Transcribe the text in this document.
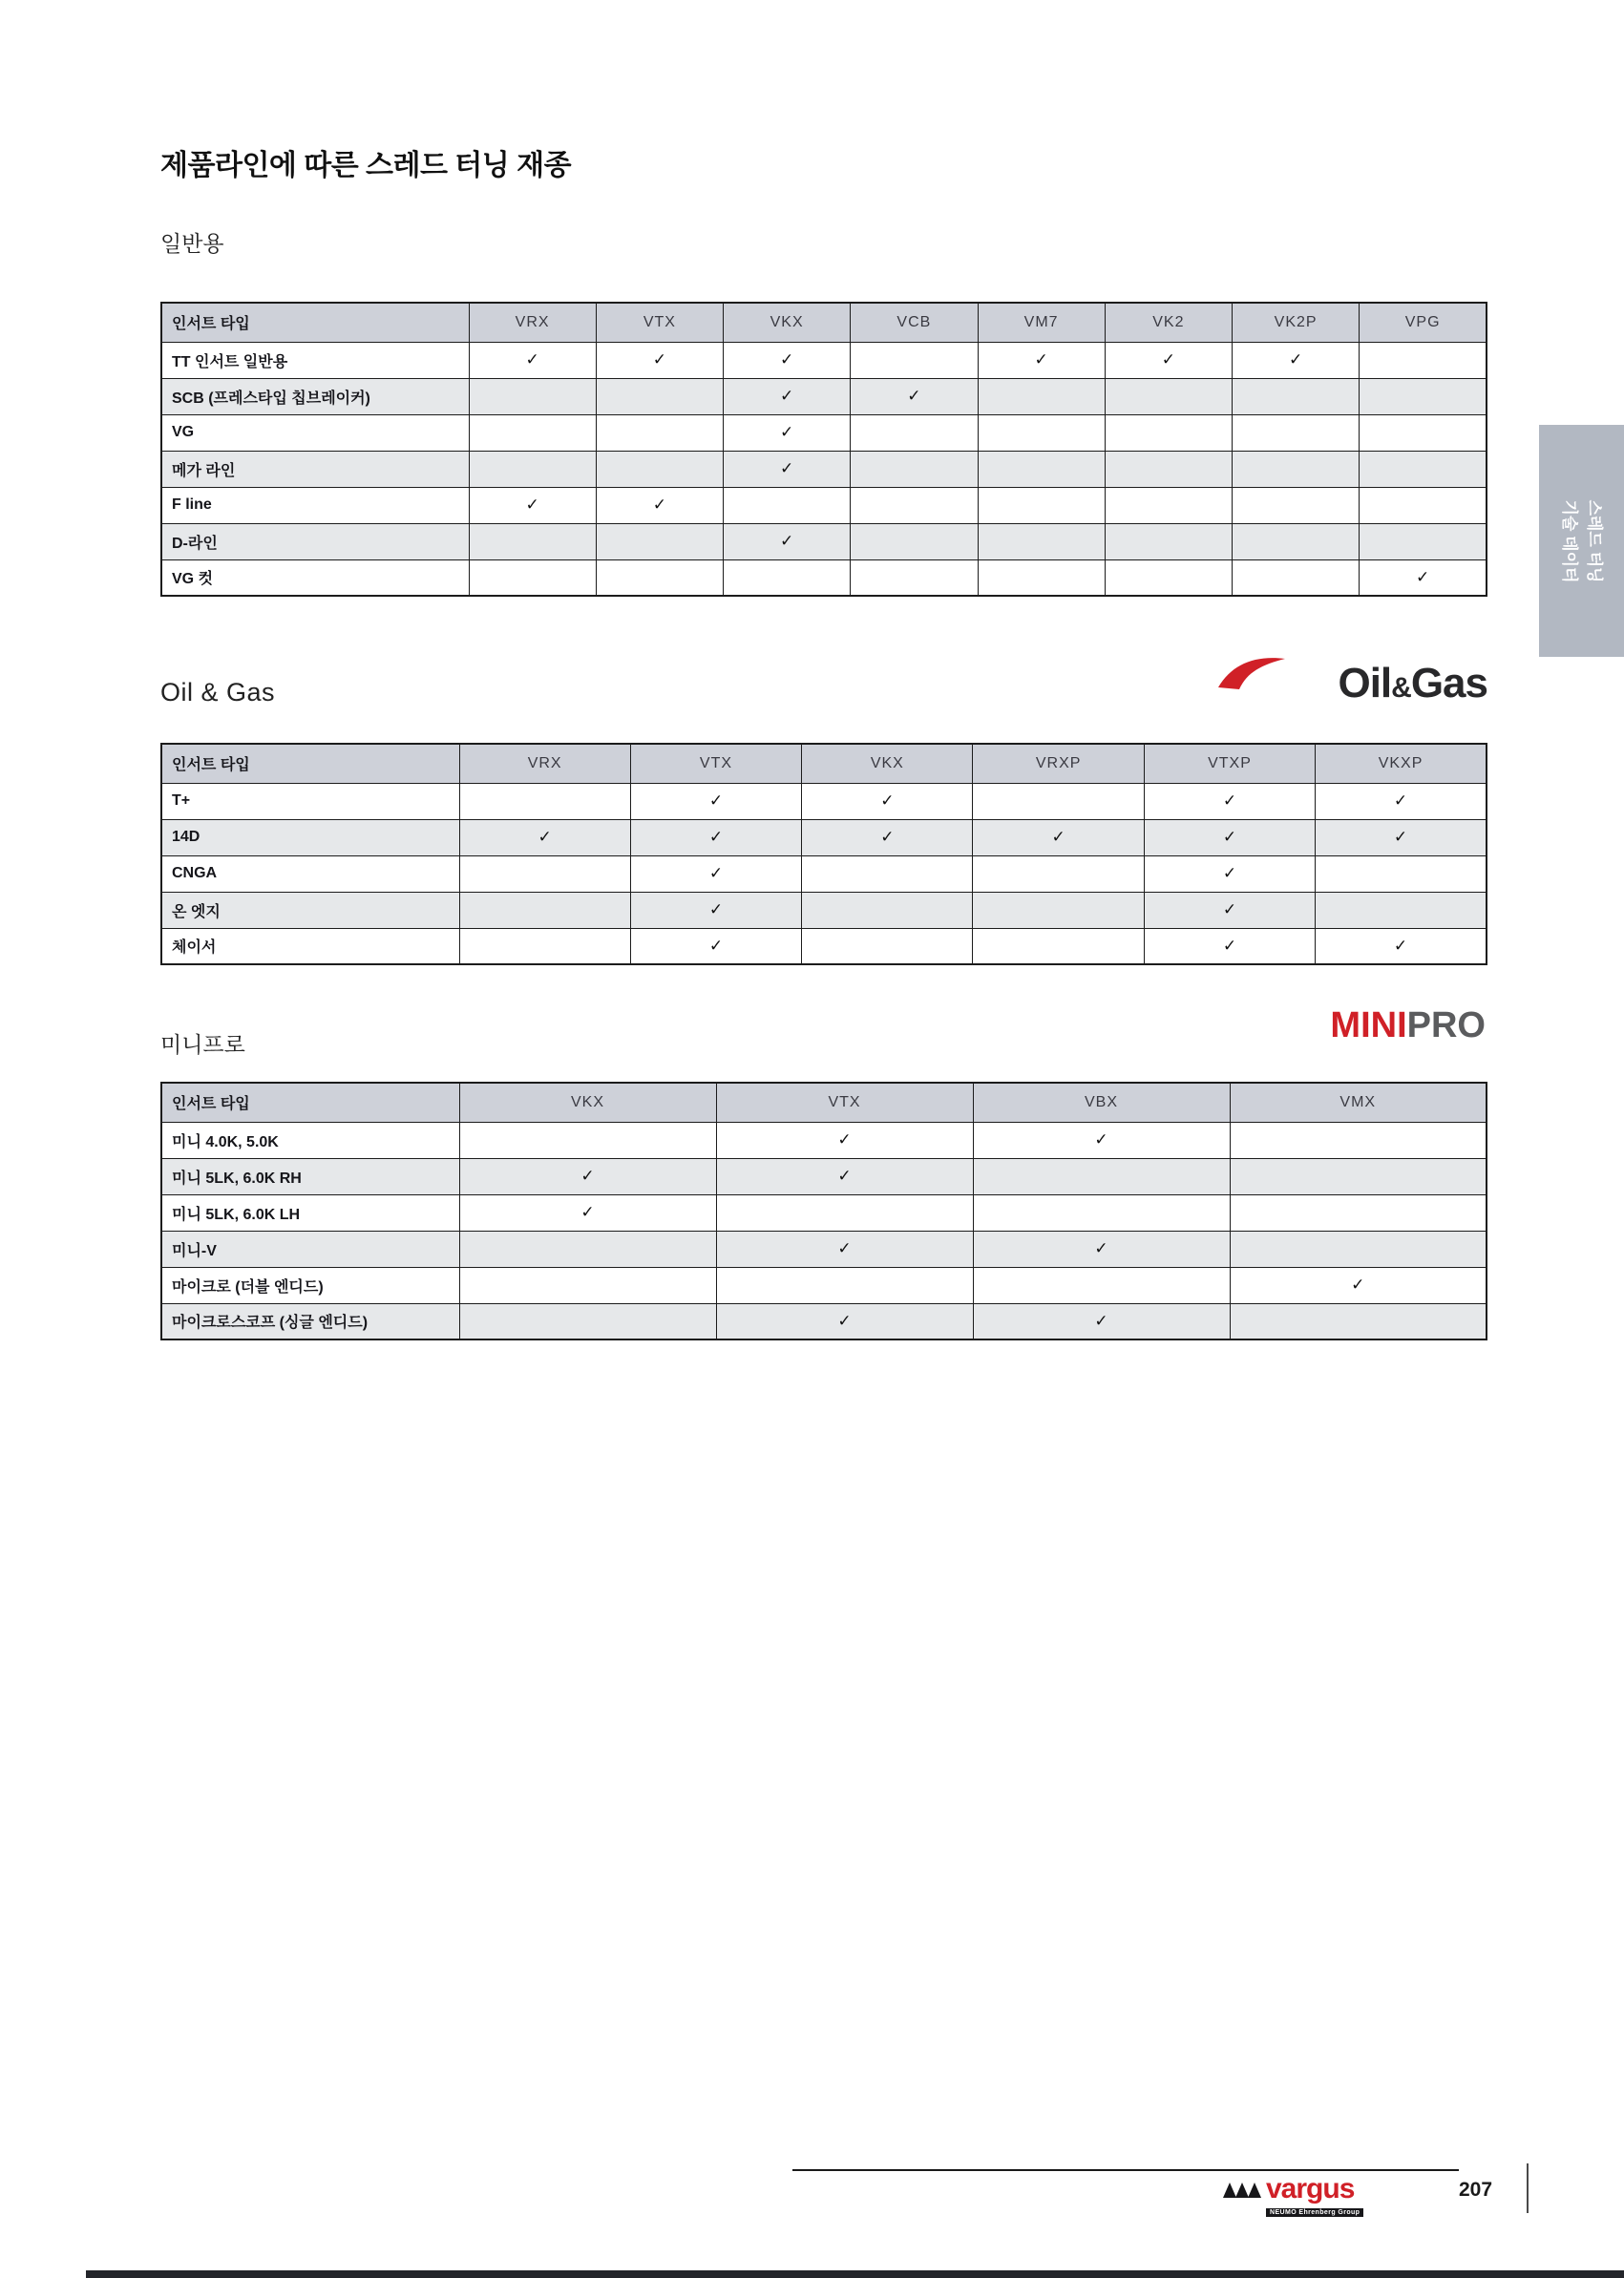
제품라인에 따른 스레드 터닝 재종
일반용
인서트 타입	VRX	VTX	VKX	VCB	VM7	VK2	VK2P	VPG
TT 인서트 일반용	✓	✓	✓		✓	✓	✓	
SCB (프레스타입 칩브레이커)			✓	✓				
VG			✓					
메가 라인			✓					
F line	✓	✓						
D-라인			✓					
VG 컷								✓
Oil & Gas	Oil&Gas
인서트 타입	VRX	VTX	VKX	VRXP	VTXP	VKXP
T+		✓	✓		✓	✓
14D	✓	✓	✓	✓	✓	✓
CNGA		✓			✓	
온 엣지		✓			✓	
체이서		✓			✓	✓
미니프로	MINIPRO
인서트 타입	VKX	VTX	VBX	VMX
미니 4.0K, 5.0K		✓	✓	
미니 5LK, 6.0K RH	✓	✓		
미니 5LK, 6.0K LH	✓			
미니-V		✓	✓	
마이크로 (더블 엔디드)				✓
마이크로스코프 (싱글 엔디드)		✓	✓	
스레드 터닝
기술 데이터
vargus
NEUMO Ehrenberg Group
207
